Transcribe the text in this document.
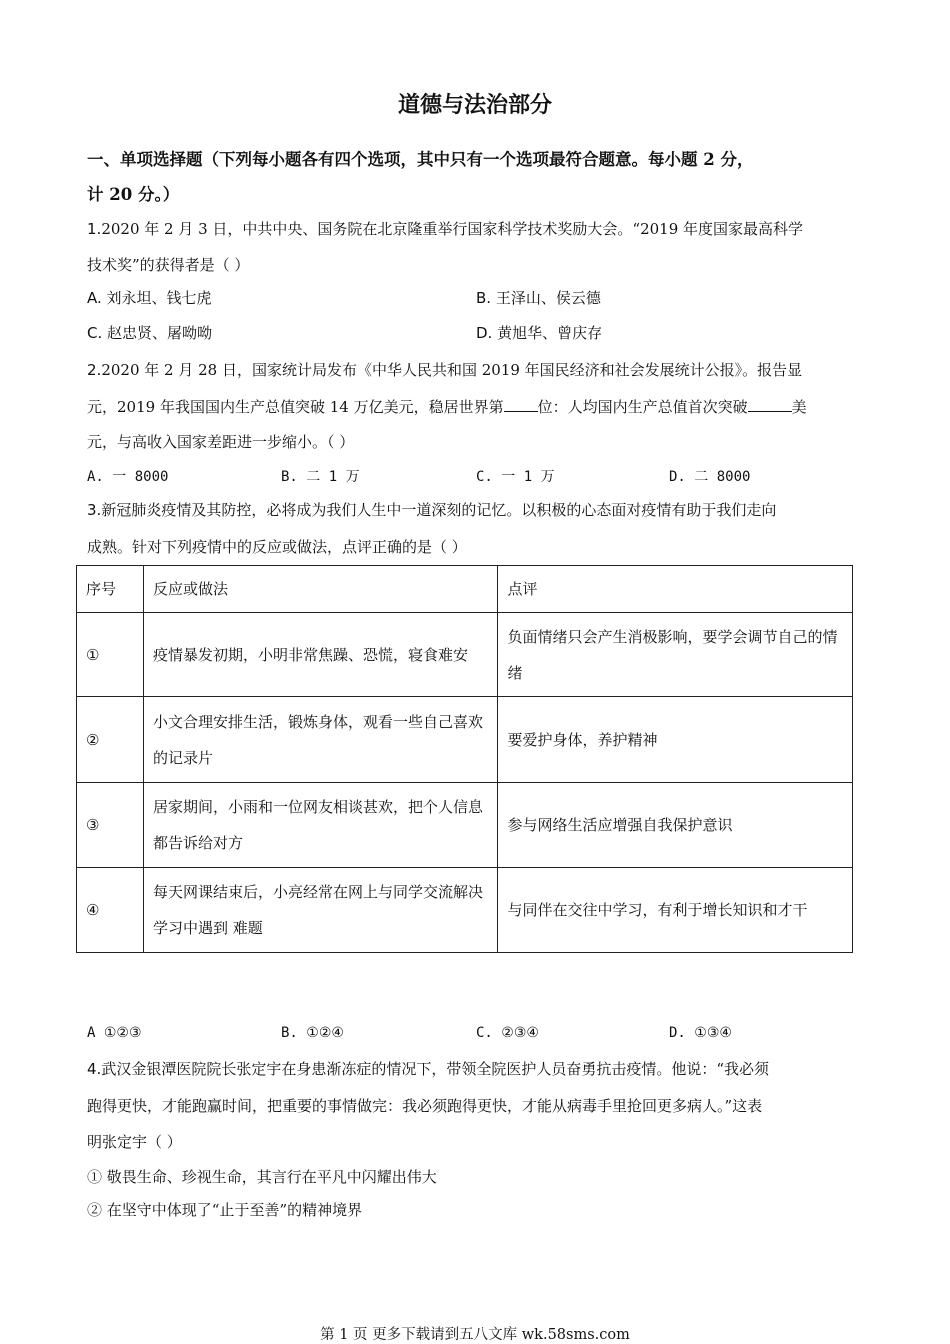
道德与法治部分
一、单项选择题（下列每小题各有四个选项，其中只有一个选项最符合题意。每小题 2 分，
计 20 分。）
1.2020 年 2 月 3 日，中共中央、国务院在北京隆重举行国家科学技术奖励大会。“2019 年度国家最高科学
技术奖”的获得者是（ ）
A. 刘永坦、钱七虎	B. 王泽山、侯云德
C. 赵忠贤、屠呦呦	D. 黄旭华、曾庆存
2.2020 年 2 月 28 日，国家统计局发布《中华人民共和国 2019 年国民经济和社会发展统计公报》。报告显
元，2019 年我国国内生产总值突破 14 万亿美元，稳居世界第 位：人均国内生产总值首次突破	美
元，与高收入国家差距进一步缩小。（ ）
A. 一 8000	B. 二 1 万	C. 一 1 万	D. 二 8000
3.新冠肺炎疫情及其防控，必将成为我们人生中一道深刻的记忆。以积极的心态面对疫情有助于我们走向
成熟。针对下列疫情中的反应或做法，点评正确的是（ ）
序号	反应或做法	点评
①	疫情暴发初期，小明非常焦躁、恐慌，寝食难安	负面情绪只会产生消极影响，要学会调节自己的情绪
②	小文合理安排生活，锻炼身体，观看一些自己喜欢的记录片	要爱护身体，养护精神
③	居家期间，小雨和一位网友相谈甚欢，把个人信息都告诉给对方	参与网络生活应增强自我保护意识
④	每天网课结束后，小亮经常在网上与同学交流解决学习中遇到 难题	与同伴在交往中学习，有利于增长知识和才干
A ①②③	B. ①②④	C. ②③④	D. ①③④
4.武汉金银潭医院院长张定宇在身患渐冻症的情况下，带领全院医护人员奋勇抗击疫情。他说：“我必须
跑得更快，才能跑赢时间，把重要的事情做完：我必须跑得更快，才能从病毒手里抢回更多病人。”这表
明张定宇（ ）
① 敬畏生命、珍视生命，其言行在平凡中闪耀出伟大
② 在坚守中体现了“止于至善”的精神境界
第 1 页 更多下载请到五八文库 wk.58sms.com
